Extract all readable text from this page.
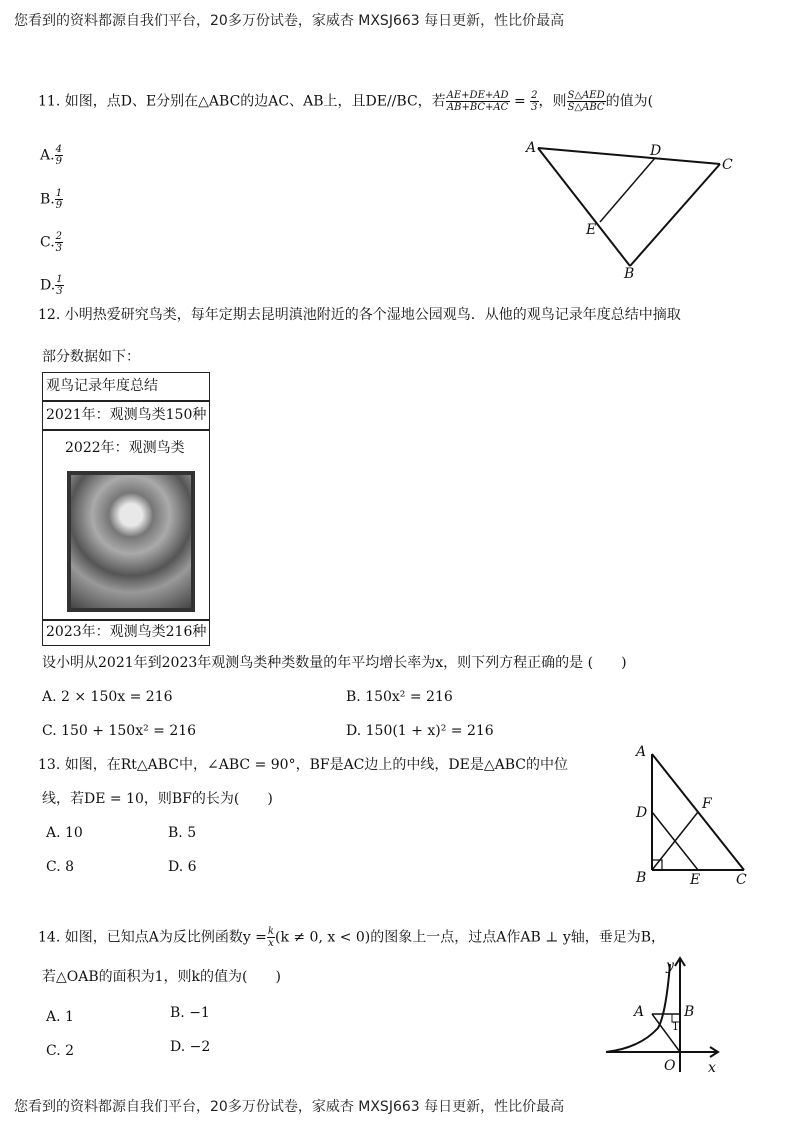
您看到的资料都源自我们平台，20多万份试卷，家威杏 MXSJ663 每日更新，性比价最高
11. 如图，点D、E分别在△ABC的边AC、AB上，且DE//BC，若 $\frac{AE+DE+AD}{AB+BC+AC} = \frac{2}{3}$ ，则 $\frac{\text{S△AED}}{\text{S△ABC}}$ 的值为(
A. $\frac{4}{9}$
B. $\frac{1}{9}$
C. $\frac{2}{3}$
D. $\frac{1}{3}$
A	D
C
E
B
12. 小明热爱研究鸟类，每年定期去昆明滇池附近的各个湿地公园观鸟．从他的观鸟记录年度总结中摘取
部分数据如下：
观鸟记录年度总结
2021年：观测鸟类150种
2022年：观测鸟类
2023年：观测鸟类216种
设小明从2021年到2023年观测鸟类种类数量的年平均增长率为x，则下列方程正确的是 (　　)
A. 2 × 150x = 216	B. 150x² = 216
C. 150 + 150x² = 216	D. 150(1 + x)² = 216
13. 如图，在Rt△ABC中，∠ABC = 90°，BF是AC边上的中线，DE是△ABC的中位
线，若DE = 10，则BF的长为(　　)
A. 10	B. 5
C. 8	D. 6
A
D
F
B	E	C
14. 如图，已知点A为反比例函数$y = \frac{k}{x} (k \ne 0$, x < 0)的图象上一点，过点A作AB ⊥ y轴，垂足为B，
若△OAB的面积为1，则k的值为(　　)
A. 1	B. −1
C. 2	D. −2
y
A	B
1
O x
您看到的资料都源自我们平台，20多万份试卷，家威杏 MXSJ663 每日更新，性比价最高
